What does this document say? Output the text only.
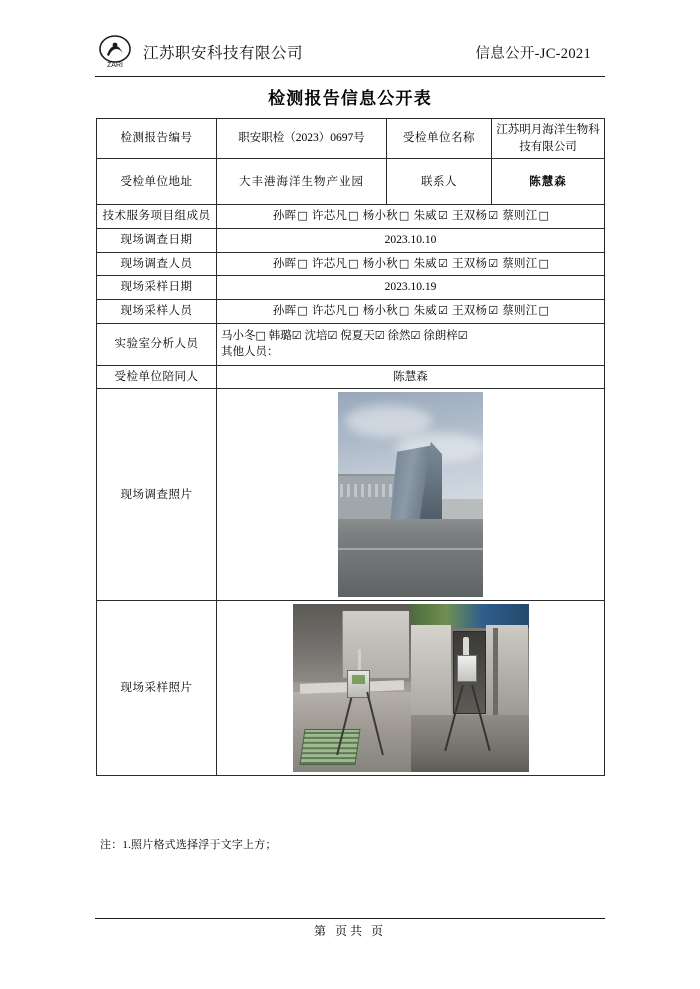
ZARI
江苏职安科技有限公司	信息公开-JC-2021
检测报告信息公开表
检测报告编号	职安职检（2023）0697号	受检单位名称	江苏明月海洋生物科技有限公司
受检单位地址	大丰港海洋生物产业园	联系人	陈慧森
技术服务项目组成员	孙晖□ 许芯凡□ 杨小秋□ 朱威☑ 王双杨☑ 蔡则江□		
现场调查日期	2023.10.10		
现场调查人员	孙晖□ 许芯凡□ 杨小秋□ 朱威☑ 王双杨☑ 蔡则江□		
现场采样日期	2023.10.19		
现场采样人员	孙晖□ 许芯凡□ 杨小秋□ 朱威☑ 王双杨☑ 蔡则江□		
实验室分析人员	马小冬□ 韩璐☑ 沈培☑ 倪夏天☑ 徐然☑ 徐朗梓☑
其他人员：		

受检单位陪同人	陈慧森		
现场调查照片			

现场采样照片			
注：1.照片格式选择浮于文字上方；
第 页共 页
